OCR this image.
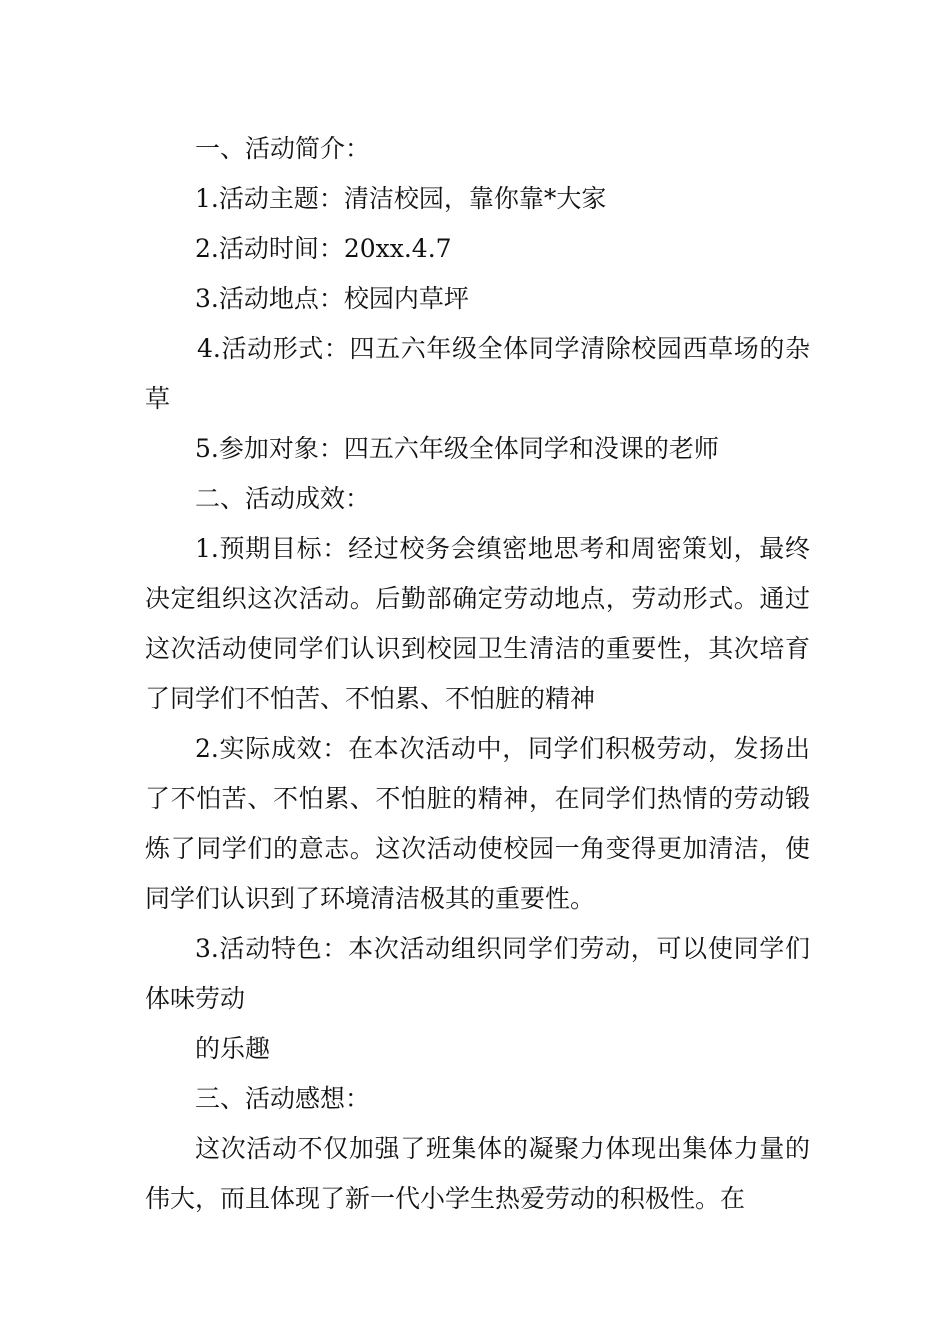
一、活动简介：

1.活动主题：清洁校园，靠你靠*大家

2.活动时间：20xx.4.7

3.活动地点：校园内草坪

4.活动形式：四五六年级全体同学清除校园西草场的杂草

5.参加对象：四五六年级全体同学和没课的老师

二、活动成效：

1.预期目标：经过校务会缜密地思考和周密策划，最终决定组织这次活动。后勤部确定劳动地点，劳动形式。通过这次活动使同学们认识到校园卫生清洁的重要性，其次培育了同学们不怕苦、不怕累、不怕脏的精神

2.实际成效：在本次活动中，同学们积极劳动，发扬出了不怕苦、不怕累、不怕脏的精神，在同学们热情的劳动锻炼了同学们的意志。这次活动使校园一角变得更加清洁，使同学们认识到了环境清洁极其的重要性。

3.活动特色：本次活动组织同学们劳动，可以使同学们体味劳动

的乐趣

三、活动感想：

这次活动不仅加强了班集体的凝聚力体现出集体力量的伟大，而且体现了新一代小学生热爱劳动的积极性。在
